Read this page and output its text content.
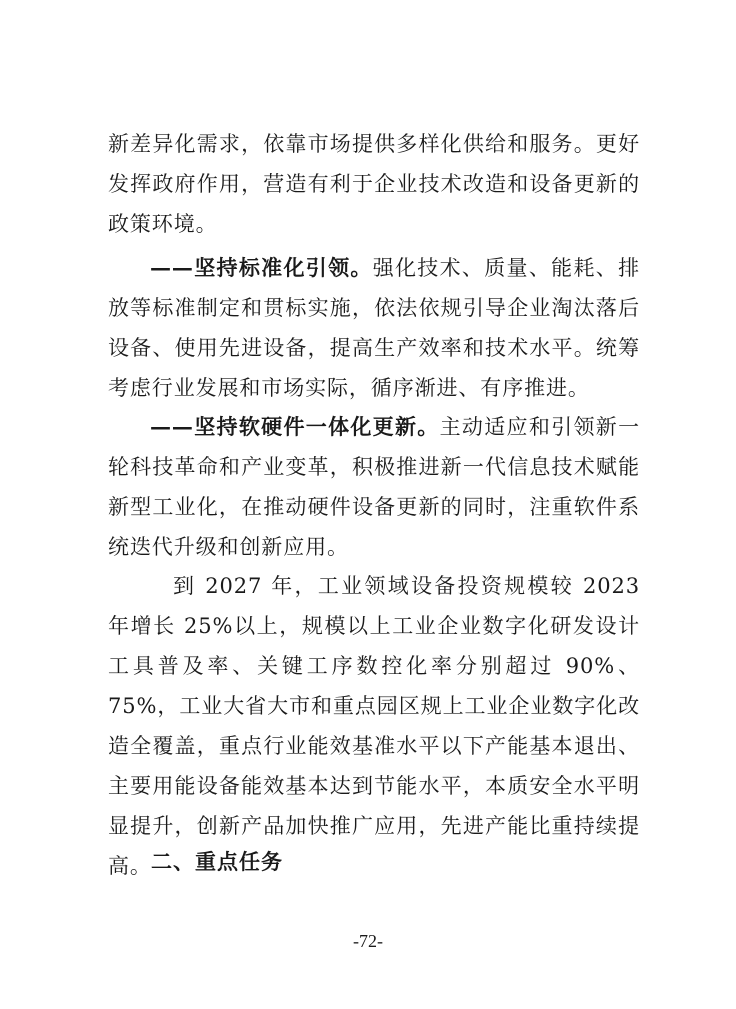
新差异化需求，依靠市场提供多样化供给和服务。更好发挥政府作用，营造有利于企业技术改造和设备更新的政策环境。

——坚持标准化引领。强化技术、质量、能耗、排放等标准制定和贯标实施，依法依规引导企业淘汰落后设备、使用先进设备，提高生产效率和技术水平。统筹考虑行业发展和市场实际，循序渐进、有序推进。

——坚持软硬件一体化更新。主动适应和引领新一轮科技革命和产业变革，积极推进新一代信息技术赋能新型工业化，在推动硬件设备更新的同时，注重软件系统迭代升级和创新应用。

到 2027 年，工业领域设备投资规模较 2023 年增长 25%以上，规模以上工业企业数字化研发设计工具普及率、关键工序数控化率分别超过 90%、75%，工业大省大市和重点园区规上工业企业数字化改造全覆盖，重点行业能效基准水平以下产能基本退出、主要用能设备能效基本达到节能水平，本质安全水平明显提升，创新产品加快推广应用，先进产能比重持续提高。 二、重点任务
-72-
